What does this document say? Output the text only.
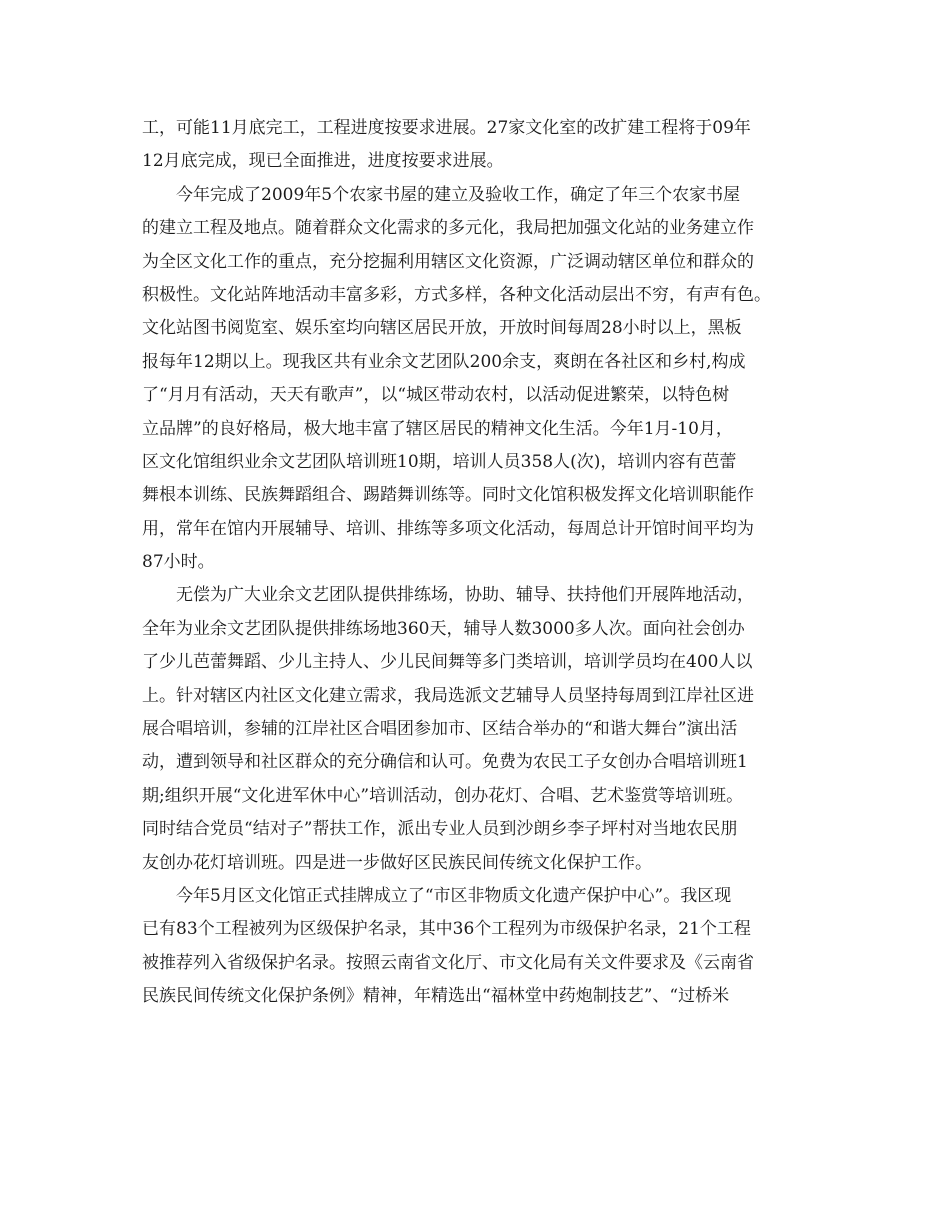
工，可能11月底完工，工程进度按要求进展。27家文化室的改扩建工程将于09年
12月底完成，现已全面推进，进度按要求进展。
今年完成了2009年5个农家书屋的建立及验收工作，确定了年三个农家书屋
的建立工程及地点。随着群众文化需求的多元化，我局把加强文化站的业务建立作
为全区文化工作的重点，充分挖掘利用辖区文化资源，广泛调动辖区单位和群众的
积极性。文化站阵地活动丰富多彩，方式多样，各种文化活动层出不穷，有声有色。
文化站图书阅览室、娱乐室均向辖区居民开放，开放时间每周28小时以上，黑板
报每年12期以上。现我区共有业余文艺团队200余支，爽朗在各社区和乡村,构成
了“月月有活动，天天有歌声”，以“城区带动农村，以活动促进繁荣，以特色树
立品牌”的良好格局，极大地丰富了辖区居民的精神文化生活。今年1月-10月，
区文化馆组织业余文艺团队培训班10期，培训人员358人(次)，培训内容有芭蕾
舞根本训练、民族舞蹈组合、踢踏舞训练等。同时文化馆积极发挥文化培训职能作
用，常年在馆内开展辅导、培训、排练等多项文化活动，每周总计开馆时间平均为
87小时。
无偿为广大业余文艺团队提供排练场，协助、辅导、扶持他们开展阵地活动，
全年为业余文艺团队提供排练场地360天，辅导人数3000多人次。面向社会创办
了少儿芭蕾舞蹈、少儿主持人、少儿民间舞等多门类培训，培训学员均在400人以
上。针对辖区内社区文化建立需求，我局选派文艺辅导人员坚持每周到江岸社区进
展合唱培训，参辅的江岸社区合唱团参加市、区结合举办的“和谐大舞台”演出活
动，遭到领导和社区群众的充分确信和认可。免费为农民工子女创办合唱培训班1
期;组织开展“文化进军休中心”培训活动，创办花灯、合唱、艺术鉴赏等培训班。
同时结合党员“结对子”帮扶工作，派出专业人员到沙朗乡李子坪村对当地农民朋
友创办花灯培训班。四是进一步做好区民族民间传统文化保护工作。
今年5月区文化馆正式挂牌成立了“市区非物质文化遗产保护中心”。我区现
已有83个工程被列为区级保护名录，其中36个工程列为市级保护名录，21个工程
被推荐列入省级保护名录。按照云南省文化厅、市文化局有关文件要求及《云南省
民族民间传统文化保护条例》精神，年精选出“福林堂中药炮制技艺”、“过桥米
